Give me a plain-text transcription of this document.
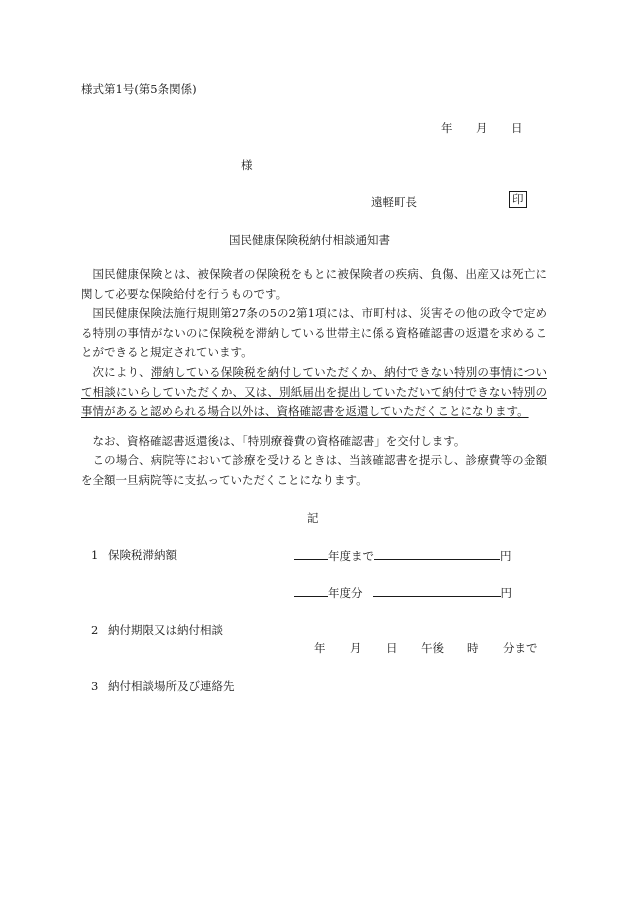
様式第1号(第5条関係)
年 月 日
様
遠軽町長	印
国民健康保険税納付相談通知書
国民健康保険とは、被保険者の保険税をもとに被保険者の疾病、負傷、出産又は死亡に関して必要な保険給付を行うものです。
国民健康保険法施行規則第27条の5の2第1項には、市町村は、災害その他の政令で定める特別の事情がないのに保険税を滞納している世帯主に係る資格確認書の返還を求めることができると規定されています。
次により、滞納している保険税を納付していただくか、納付できない特別の事情について相談にいらしていただくか、又は、別紙届出を提出していただいて納付できない特別の事情があると認められる場合以外は、資格確認書を返還していただくことになります。
なお、資格確認書返還後は、「特別療養費の資格確認書」を交付します。
この場合、病院等において診療を受けるときは、当該確認書を提示し、診療費等の金額を全額一旦病院等に支払っていただくことになります。
記
1 保険税滞納額	年度まで	円
年度分	円
2 納付期限又は納付相談
年 月 日 午後 時 分まで
3 納付相談場所及び連絡先
